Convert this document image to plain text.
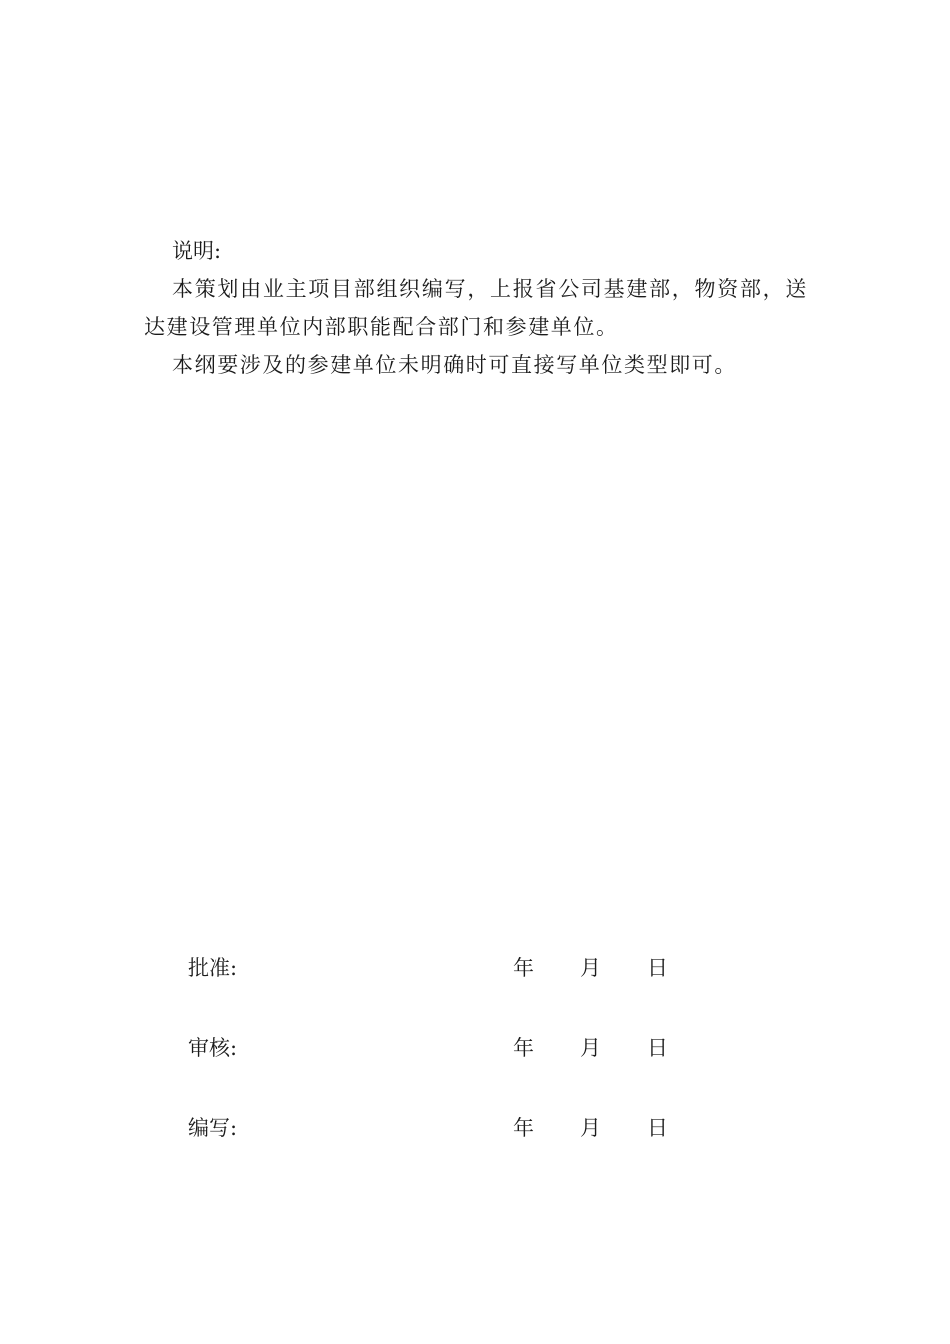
说明:

本策划由业主项目部组织编写，上报省公司基建部，物资部，送达建设管理单位内部职能配合部门和参建单位。

本纲要涉及的参建单位未明确时可直接写单位类型即可。

批准:	年 月 日
审核:	年 月 日
编写:	年 月 日
